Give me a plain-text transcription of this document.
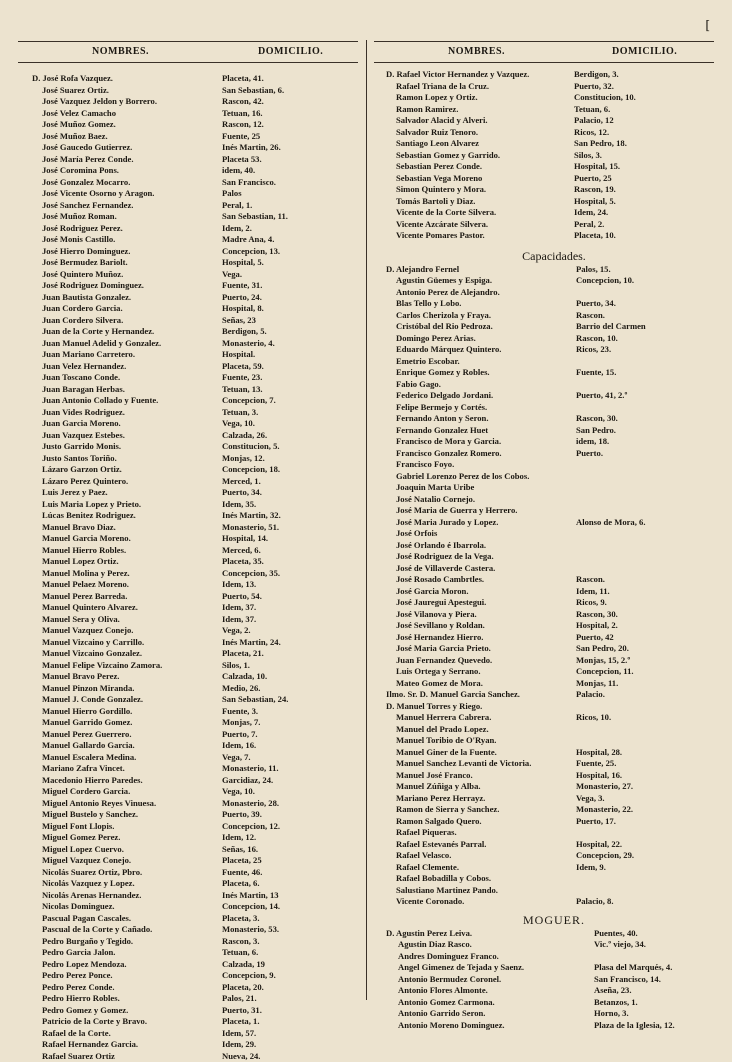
[
NOMBRES.	DOMICILIO.	NOMBRES.	DOMICILIO.
D. José Rofa Vazquez.	Placeta, 41.
José Suarez Ortiz.	San Sebastian, 6.
José Vazquez Jeldon y Borrero.	Rascon, 42.
José Velez Camacho	Tetuan, 16.
José Muñoz Gomez.	Rascon, 12.
José Muñoz Baez.	Fuente, 25
José Gaucedo Gutierrez.	Inés Martin, 26.
José María Perez Conde.	Placeta 53.
José Coromina Pons.	idem, 40.
José Gonzalez Mocarro.	San Francisco.
José Vicente Osorno y Aragon.	Palos
José Sanchez Fernandez.	Peral, 1.
José Muñoz Roman.	San Sebastian, 11.
José Rodriguez Perez.	Idem, 2.
José Monis Castillo.	Madre Ana, 4.
José Hierro Dominguez.	Concepcion, 13.
José Bermudez Bariolt.	Hospital, 5.
José Quintero Muñoz.	Vega.
José Rodriguez Dominguez.	Fuente, 31.
Juan Bautista Gonzalez.	Puerto, 24.
Juan Cordero Garcia.	Hospital, 8.
Juan Cordero Silvera.	Señas, 23
Juan de la Corte y Hernandez.	Berdigon, 5.
Juan Manuel Adelid y Gonzalez.	Monasterio, 4.
Juan Mariano Carretero.	Hospital.
Juan Velez Hernandez.	Placeta, 59.
Juan Toscano Conde.	Fuente, 23.
Juan Baragan Herbas.	Tetuan, 13.
Juan Antonio Collado y Fuente.	Concepcion, 7.
Juan Vides Rodriguez.	Tetuan, 3.
Juan Garcia Moreno.	Vega, 10.
Juan Vazquez Estebes.	Calzada, 26.
Justo Garrido Monis.	Constitucion, 5.
Justo Santos Toriño.	Monjas, 12.
Lázaro Garzon Ortiz.	Concepcion, 18.
Lázaro Perez Quintero.	Merced, 1.
Luis Jerez y Paez.	Puerto, 34.
Luis Maria Lopez y Prieto.	Idem, 35.
Lúcas Benitez Rodriguez.	Inés Martin, 32.
Manuel Bravo Diaz.	Monasterio, 51.
Manuel Garcia Moreno.	Hospital, 14.
Manuel Hierro Robles.	Merced, 6.
Manuel Lopez Ortiz.	Placeta, 35.
Manuel Molina y Perez.	Concepcion, 35.
Manuel Pelaez Moreno.	Idem, 13.
Manuel Perez Barreda.	Puerto, 54.
Manuel Quintero Alvarez.	Idem, 37.
Manuel Sera y Oliva.	Idem, 37.
Manuel Vazquez Conejo.	Vega, 2.
Manuel Vizcaino y Carrillo.	Inés Martin, 24.
Manuel Vizcaino Gonzalez.	Placeta, 21.
Manuel Felipe Vizcaino Zamora.	Silos, 1.
Manuel Bravo Perez.	Calzada, 10.
Manuel Pinzon Miranda.	Medio, 26.
Manuel J. Conde Gonzalez.	San Sebastian, 24.
Manuel Hierro Gordillo.	Fuente, 3.
Manuel Garrido Gomez.	Monjas, 7.
Manuel Perez Guerrero.	Puerto, 7.
Manuel Gallardo Garcia.	Idem, 16.
Manuel Escalera Medina.	Vega, 7.
Mariano Zafra Vincet.	Monasterio, 11.
Macedonio Hierro Paredes.	Garcidiaz, 24.
Miguel Cordero Garcia.	Vega, 10.
Miguel Antonio Reyes Vinuesa.	Monasterio, 28.
Miguel Bustelo y Sanchez.	Puerto, 39.
Miguel Font Llopis.	Concepcion, 12.
Miguel Gomez Perez.	Idem, 12.
Miguel Lopez Cuervo.	Señas, 16.
Miguel Vazquez Conejo.	Placeta, 25
Nicolás Suarez Ortiz, Pbro.	Fuente, 46.
Nicolás Vazquez y Lopez.	Placeta, 6.
Nicolás Arenas Hernandez.	Inés Martin, 13
Nicolas Dominguez.	Concepcion, 14.
Pascual Pagan Cascales.	Placeta, 3.
Pascual de la Corte y Cañado.	Monasterio, 53.
Pedro Burgaño y Tegido.	Rascon, 3.
Pedro Garcia Jalon.	Tetuan, 6.
Pedro Lopez Mendoza.	Calzada, 19
Pedro Perez Ponce.	Concepcion, 9.
Pedro Perez Conde.	Placeta, 20.
Pedro Hierro Robles.	Palos, 21.
Pedro Gomez y Gomez.	Puerto, 31.
Patricio de la Corte y Bravo.	Placeta, 1.
Rafael de la Corte.	Idem, 57.
Rafael Hernandez Garcia.	Idem, 29.
Rafael Suarez Ortiz	Nueva, 24.
D. Rafael Victor Hernandez y Vazquez.	Berdigon, 3.
Rafael Triana de la Cruz.	Puerto, 32.
Ramon Lopez y Ortiz.	Constitucion, 10.
Ramon Ramirez.	Tetuan, 6.
Salvador Alacid y Alveri.	Palacio, 12
Salvador Ruiz Tenoro.	Ricos, 12.
Santiago Leon Alvarez	San Pedro, 18.
Sebastian Gomez y Garrido.	Silos, 3.
Sebastian Perez Conde.	Hospital, 15.
Sebastian Vega Moreno	Puerto, 25
Simon Quintero y Mora.	Rascon, 19.
Tomás Bartoli y Diaz.	Hospital, 5.
Vicente de la Corte Silvera.	Idem, 24.
Vicente Azcárate Silvera.	Peral, 2.
Vicente Pomares Pastor.	Placeta, 10.
Capacidades.
D. Alejandro Fernel	Palos, 15.
Agustin Güemes y Espiga.	Concepcion, 10.
Antonio Perez de Alejandro.
Blas Tello y Lobo.	Puerto, 34.
Carlos Cherizola y Fraya.	Rascon.
Cristóbal del Rio Pedroza.	Barrio del Carmen
Domingo Perez Arias.	Rascon, 10.
Eduardo Márquez Quintero.	Ricos, 23.
Emetrio Escobar.
Enrique Gomez y Robles.	Fuente, 15.
Fabio Gago.
Federico Delgado Jordani.	Puerto, 41, 2.º
Felipe Bermejo y Cortés.
Fernando Anton y Seron.	Rascon, 30.
Fernando Gonzalez Huet	San Pedro.
Francisco de Mora y Garcia.	idem, 18.
Francisco Gonzalez Romero.	Puerto.
Francisco Foyo.
Gabriel Lorenzo Perez de los Cobos.
Joaquin Marta Uribe
José Natalio Cornejo.
José Maria de Guerra y Herrero.
José Maria Jurado y Lopez.	Alonso de Mora, 6.
José Orfois
José Orlando é Ibarrola.
José Rodriguez de la Vega.
José de Villaverde Castera.
José Rosado Cambrtles.	Rascon.
José Garcia Moron.	Idem, 11.
José Jauregui Apestegui.	Ricos, 9.
José Vilanova y Piera.	Rascon, 30.
José Sevillano y Roldan.	Hospital, 2.
José Hernandez Hierro.	Puerto, 42
José Maria Garcia Prieto.	San Pedro, 20.
Juan Fernandez Quevedo.	Monjas, 15, 2.º
Luis Ortega y Serrano.	Concepcion, 11.
Mateo Gomez de Mora.	Monjas, 11.
Ilmo. Sr. D. Manuel Garcia Sanchez.	Palacio.
D. Manuel Torres y Riego.
Manuel Herrera Cabrera.	Ricos, 10.
Manuel del Prado Lopez.
Manuel Toribio de O'Ryan.
Manuel Giner de la Fuente.	Hospital, 28.
Manuel Sanchez Levanti de Victoria.	Fuente, 25.
Manuel José Franco.	Hospital, 16.
Manuel Zúñiga y Alba.	Monasterio, 27.
Mariano Perez Herrayz.	Vega, 3.
Ramon de Sierra y Sanchez.	Monasterio, 22.
Ramon Salgado Quero.	Puerto, 17.
Rafael Piqueras.
Rafael Estevanés Parral.	Hospital, 22.
Rafael Velasco.	Concepcion, 29.
Rafael Clemente.	Idem, 9.
Rafael Bobadilla y Cobos.
Salustiano Martinez Pando.
Vicente Coronado.	Palacio, 8.
MOGUER.
D. Agustin Perez Leiva.	Puentes, 40.
Agustin Diaz Rasco.	Vic.º viejo, 34.
Andres Dominguez Franco.
Angel Gimenez de Tejada y Saenz.	Plasa del Marqués, 4.
Antonio Bermudez Coronel.	San Francisco, 14.
Antonio Flores Almonte.	Aseña, 23.
Antonio Gomez Carmona.	Betanzos, 1.
Antonio Garrido Seron.	Horno, 3.
Antonio Moreno Dominguez.	Plaza de la Iglesia, 12.
